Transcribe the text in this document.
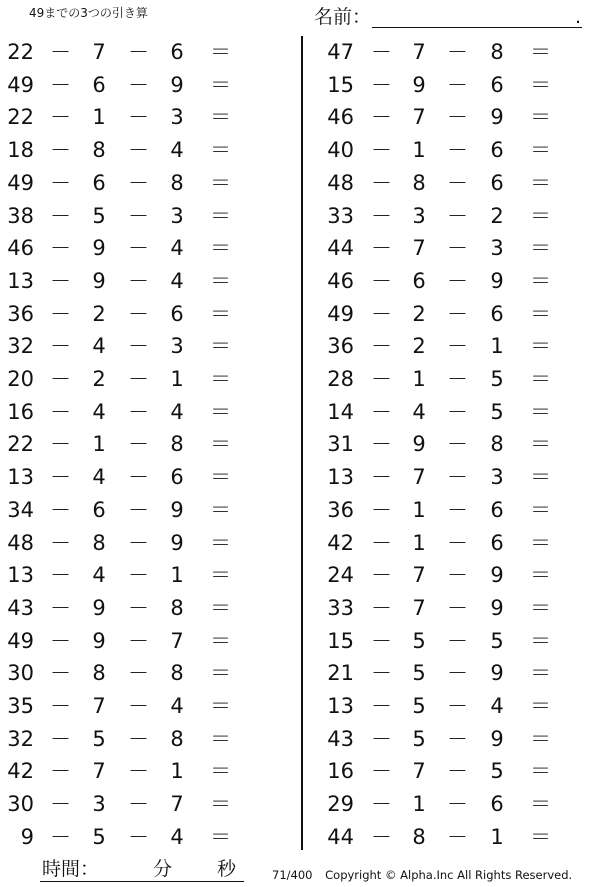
49までの3つの引き算	名前：	.
22 － 7 － 6 ＝
49 － 6 － 9 ＝
22 － 1 － 3 ＝
18 － 8 － 4 ＝
49 － 6 － 8 ＝
38 － 5 － 3 ＝
46 － 9 － 4 ＝
13 － 9 － 4 ＝
36 － 2 － 6 ＝
32 － 4 － 3 ＝
20 － 2 － 1 ＝
16 － 4 － 4 ＝
22 － 1 － 8 ＝
13 － 4 － 6 ＝
34 － 6 － 9 ＝
48 － 8 － 9 ＝
13 － 4 － 1 ＝
43 － 9 － 8 ＝
49 － 9 － 7 ＝
30 － 8 － 8 ＝
35 － 7 － 4 ＝
32 － 5 － 8 ＝
42 － 7 － 1 ＝
30 － 3 － 7 ＝
9 － 5 － 4 ＝
47 － 7 － 8 ＝
15 － 9 － 6 ＝
46 － 7 － 9 ＝
40 － 1 － 6 ＝
48 － 8 － 6 ＝
33 － 3 － 2 ＝
44 － 7 － 3 ＝
46 － 6 － 9 ＝
49 － 2 － 6 ＝
36 － 2 － 1 ＝
28 － 1 － 5 ＝
14 － 4 － 5 ＝
31 － 9 － 8 ＝
13 － 7 － 3 ＝
36 － 1 － 6 ＝
42 － 1 － 6 ＝
24 － 7 － 9 ＝
33 － 7 － 9 ＝
15 － 5 － 5 ＝
21 － 5 － 9 ＝
13 － 5 － 4 ＝
43 － 5 － 9 ＝
16 － 7 － 5 ＝
29 － 1 － 6 ＝
44 － 8 － 1 ＝
時間：	分 秒	71/400 Copyright © Alpha.Inc All Rights Reserved.
